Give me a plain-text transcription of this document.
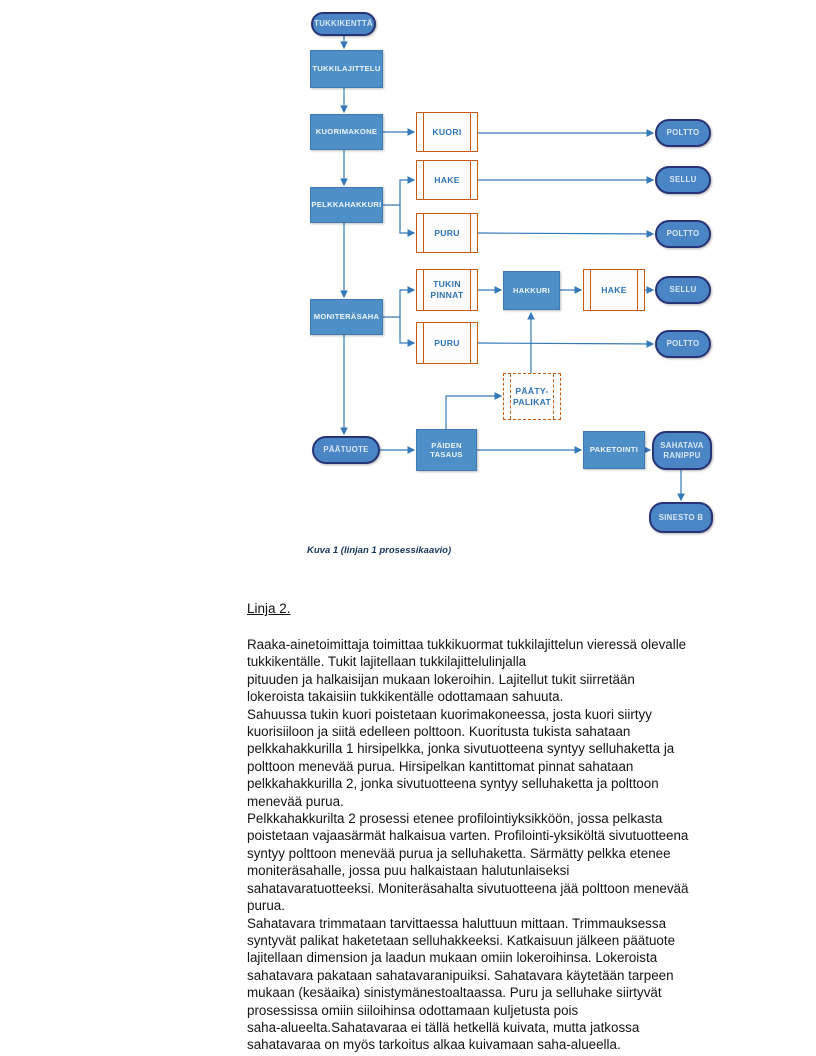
TUKKIKENTTÄ
TUKKILAJITTELU
KUORIMAKONE	KUORI	POLTTO
PELKKAHAKKURI
HAKE	SELLU
PURU	POLTTO
MONITERÄSAHA
TUKIN
PINNAT	HAKKURI	HAKE	SELLU
PURU	POLTTO
PÄÄTY-
PALIKAT
PÄÄTUOTE
PÄIDEN
TASAUS
PAKETOINTI	SAHATAVA
RANIPPU
SINESTO B
Kuva 1 (linjan 1 prosessikaavio)
Linja 2.
Raaka-ainetoimittaja toimittaa tukkikuormat tukkilajittelun vieressä olevalle
tukkikentälle. Tukit lajitellaan tukkilajittelulinjalla
pituuden ja halkaisijan mukaan lokeroihin. Lajitellut tukit siirretään
lokeroista takaisiin tukkikentälle odottamaan sahuuta.
Sahuussa tukin kuori poistetaan kuorimakoneessa, josta kuori siirtyy
kuorisiiloon ja siitä edelleen polttoon. Kuoritusta tukista sahataan
pelkkahakkurilla 1 hirsipelkka, jonka sivutuotteena syntyy selluhaketta ja
polttoon menevää purua. Hirsipelkan kantittomat pinnat sahataan
pelkkahakkurilla 2, jonka sivutuotteena syntyy selluhaketta ja polttoon
menevää purua.
Pelkkahakkurilta 2 prosessi etenee profilointiyksikköön, jossa pelkasta
poistetaan vajaasärmät halkaisua varten. Profilointi-yksiköltä sivutuotteena
syntyy polttoon menevää purua ja selluhaketta. Särmätty pelkka etenee
moniteräsahalle, jossa puu halkaistaan halutunlaiseksi
sahatavaratuotteeksi. Moniteräsahalta sivutuotteena jää polttoon menevää
purua.
Sahatavara trimmataan tarvittaessa haluttuun mittaan. Trimmauksessa
syntyvät palikat haketetaan selluhakkeeksi. Katkaisuun jälkeen päätuote
lajitellaan dimension ja laadun mukaan omiin lokeroihinsa. Lokeroista
sahatavara pakataan sahatavaranipuiksi. Sahatavara käytetään tarpeen
mukaan (kesäaika) sinistymänestoaltaassa. Puru ja selluhake siirtyvät
prosessissa omiin siiloihinsa odottamaan kuljetusta pois
saha-alueelta.Sahatavaraa ei tällä hetkellä kuivata, mutta jatkossa
sahatavaraa on myös tarkoitus alkaa kuivamaan saha-alueella.
